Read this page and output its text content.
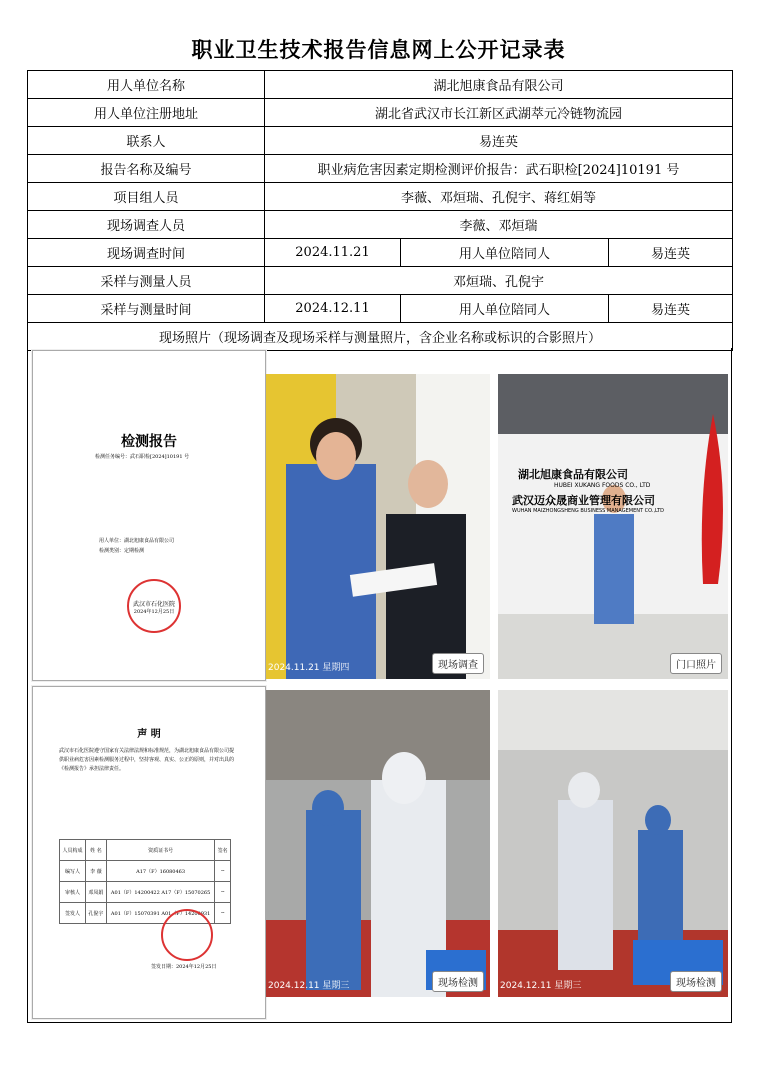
职业卫生技术报告信息网上公开记录表
用人单位名称	湖北旭康食品有限公司		
用人单位注册地址	湖北省武汉市长江新区武湖萃元冷链物流园		
联系人	易连英		
报告名称及编号	职业病危害因素定期检测评价报告：武石职检[2024]10191 号		
项目组人员	李薇、邓烜瑞、孔倪宇、蒋红娟等		
现场调查人员	李薇、邓烜瑞		
现场调查时间	2024.11.21	用人单位陪同人	易连英
采样与测量人员	邓烜瑞、孔倪宇		
采样与测量时间	2024.12.11	用人单位陪同人	易连英
现场照片（现场调查及现场采样与测量照片，含企业名称或标识的合影照片）			
检测报告
检测任务编号：武石职检[2024]10191 号
用人单位：湖北旭康食品有限公司
检测类别：定期检测
武汉市石化医院
2024年12月25日
声 明
武汉市石化医院遵守国家有关法律法规和标准规范，为湖北旭康食品有限公司提供职业病危害因素检测服务过程中，坚持客观、真实、公正的原则，并对出具的《检测报告》承担法律责任。
人员构成	姓 名	资质证书号	签名
编写人	李 薇	A17（F）16080463	∽
审核人	邓凤娟	A01（F）14200422 A17（F）15070265	∽
签发人	孔倪宇	A01（F）15070391 A01（F）14200931	∽
签发日期：2024年12月25日
2024.11.21 星期四	现场调查
湖北旭康食品有限公司
HUBEI XUKANG FOODS CO., LTD
武汉迈众晟商业管理有限公司
WUHAN MAIZHONGSHENG BUSINESS MANAGEMENT CO.,LTD
门口照片
2024.12.11 星期三	现场检测	2024.12.11 星期三	现场检测
